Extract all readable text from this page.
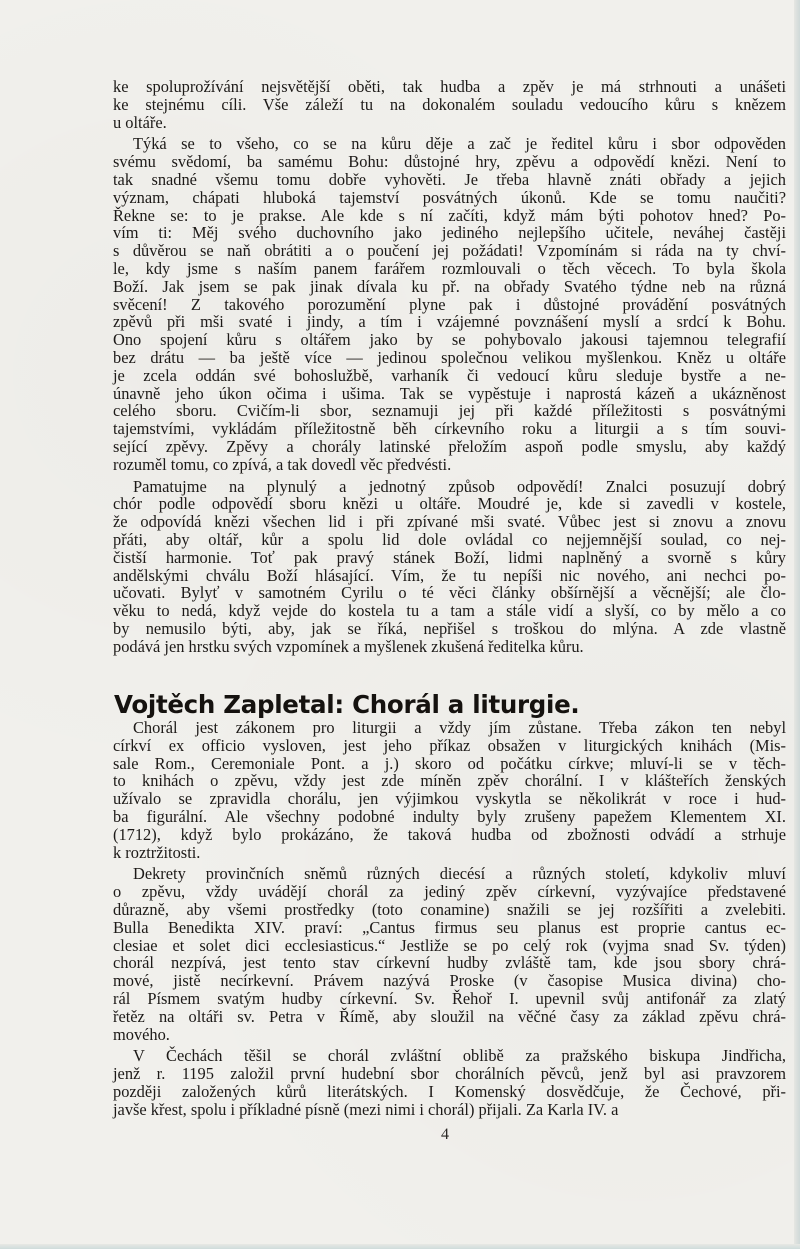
ke spoluprožívání nejsvětější oběti, tak hudba a zpěv je má strhnouti a unášeti
ke stejnému cíli. Vše záleží tu na dokonalém souladu vedoucího kůru s knězem
u oltáře.

Týká se to všeho, co se na kůru děje a zač je ředitel kůru i sbor odpověden
svému svědomí, ba samému Bohu: důstojné hry, zpěvu a odpovědí knězi. Není to
tak snadné všemu tomu dobře vyhověti. Je třeba hlavně znáti obřady a jejich
význam, chápati hluboká tajemství posvátných úkonů. Kde se tomu naučiti?
Řekne se: to je prakse. Ale kde s ní začíti, když mám býti pohotov hned? Po-
vím ti: Měj svého duchovního jako jediného nejlepšího učitele, neváhej častěji
s důvěrou se naň obrátiti a o poučení jej požádati! Vzpomínám si ráda na ty chví-
le, kdy jsme s naším panem farářem rozmlouvali o těch věcech. To byla škola
Boží. Jak jsem se pak jinak dívala ku př. na obřady Svatého týdne neb na různá
svěcení! Z takového porozumění plyne pak i důstojné provádění posvátných
zpěvů při mši svaté i jindy, a tím i vzájemné povznášení myslí a srdcí k Bohu.
Ono spojení kůru s oltářem jako by se pohybovalo jakousi tajemnou telegrafií
bez drátu — ba ještě více — jedinou společnou velikou myšlenkou. Kněz u oltáře
je zcela oddán své bohoslužbě, varhaník či vedoucí kůru sleduje bystře a ne-
únavně jeho úkon očima i ušima. Tak se vypěstuje i naprostá kázeň a ukázněnost
celého sboru. Cvičím-li sbor, seznamuji jej při každé příležitosti s posvátnými
tajemstvími, vykládám příležitostně běh církevního roku a liturgii a s tím souvi-
sející zpěvy. Zpěvy a chorály latinské přeložím aspoň podle smyslu, aby každý
rozuměl tomu, co zpívá, a tak dovedl věc předvésti.

Pamatujme na plynulý a jednotný způsob odpovědí! Znalci posuzují dobrý
chór podle odpovědí sboru knězi u oltáře. Moudré je, kde si zavedli v kostele,
že odpovídá knězi všechen lid i při zpívané mši svaté. Vůbec jest si znovu a znovu
přáti, aby oltář, kůr a spolu lid dole ovládal co nejjemnější soulad, co nej-
čistší harmonie. Toť pak pravý stánek Boží, lidmi naplněný a svorně s kůry
andělskými chválu Boží hlásající. Vím, že tu nepíši nic nového, ani nechci po-
učovati. Bylyť v samotném Cyrilu o té věci články obšírnější a věcnější; ale člo-
věku to nedá, když vejde do kostela tu a tam a stále vidí a slyší, co by mělo a co
by nemusilo býti, aby, jak se říká, nepřišel s troškou do mlýna. A zde vlastně
podává jen hrstku svých vzpomínek a myšlenek zkušená ředitelka kůru.

Vojtěch Zapletal: Chorál a liturgie.

Chorál jest zákonem pro liturgii a vždy jím zůstane. Třeba zákon ten nebyl
církví ex officio vysloven, jest jeho příkaz obsažen v liturgických knihách (Mis-
sale Rom., Ceremoniale Pont. a j.) skoro od počátku církve; mluví-li se v těch-
to knihách o zpěvu, vždy jest zde míněn zpěv chorální. I v klášteřích ženských
užívalo se zpravidla chorálu, jen výjimkou vyskytla se několikrát v roce i hud-
ba figurální. Ale všechny podobné indulty byly zrušeny papežem Klementem XI.
(1712), když bylo prokázáno, že taková hudba od zbožnosti odvádí a strhuje
k roztržitosti.

Dekrety provinčních sněmů různých diecésí a různých století, kdykoliv mluví
o zpěvu, vždy uvádějí chorál za jediný zpěv církevní, vyzývajíce představené
důrazně, aby všemi prostředky (toto conamine) snažili se jej rozšířiti a zvelebiti.
Bulla Benedikta XIV. praví: „Cantus firmus seu planus est proprie cantus ec-
clesiae et solet dici ecclesiasticus.“ Jestliže se po celý rok (vyjma snad Sv. týden)
chorál nezpívá, jest tento stav církevní hudby zvláště tam, kde jsou sbory chrá-
mové, jistě necírkevní. Právem nazývá Proske (v časopise Musica divina) cho-
rál Písmem svatým hudby církevní. Sv. Řehoř I. upevnil svůj antifonář za zlatý
řetěz na oltáři sv. Petra v Římě, aby sloužil na věčné časy za základ zpěvu chrá-
mového.

V Čechách těšil se chorál zvláštní oblibě za pražského biskupa Jindřicha,
jenž r. 1195 založil první hudební sbor chorálních pěvců, jenž byl asi pravzorem
později založených kůrů literátských. I Komenský dosvědčuje, že Čechové, při-
javše křest, spolu i příkladné písně (mezi nimi i chorál) přijali. Za Karla IV. a

4
